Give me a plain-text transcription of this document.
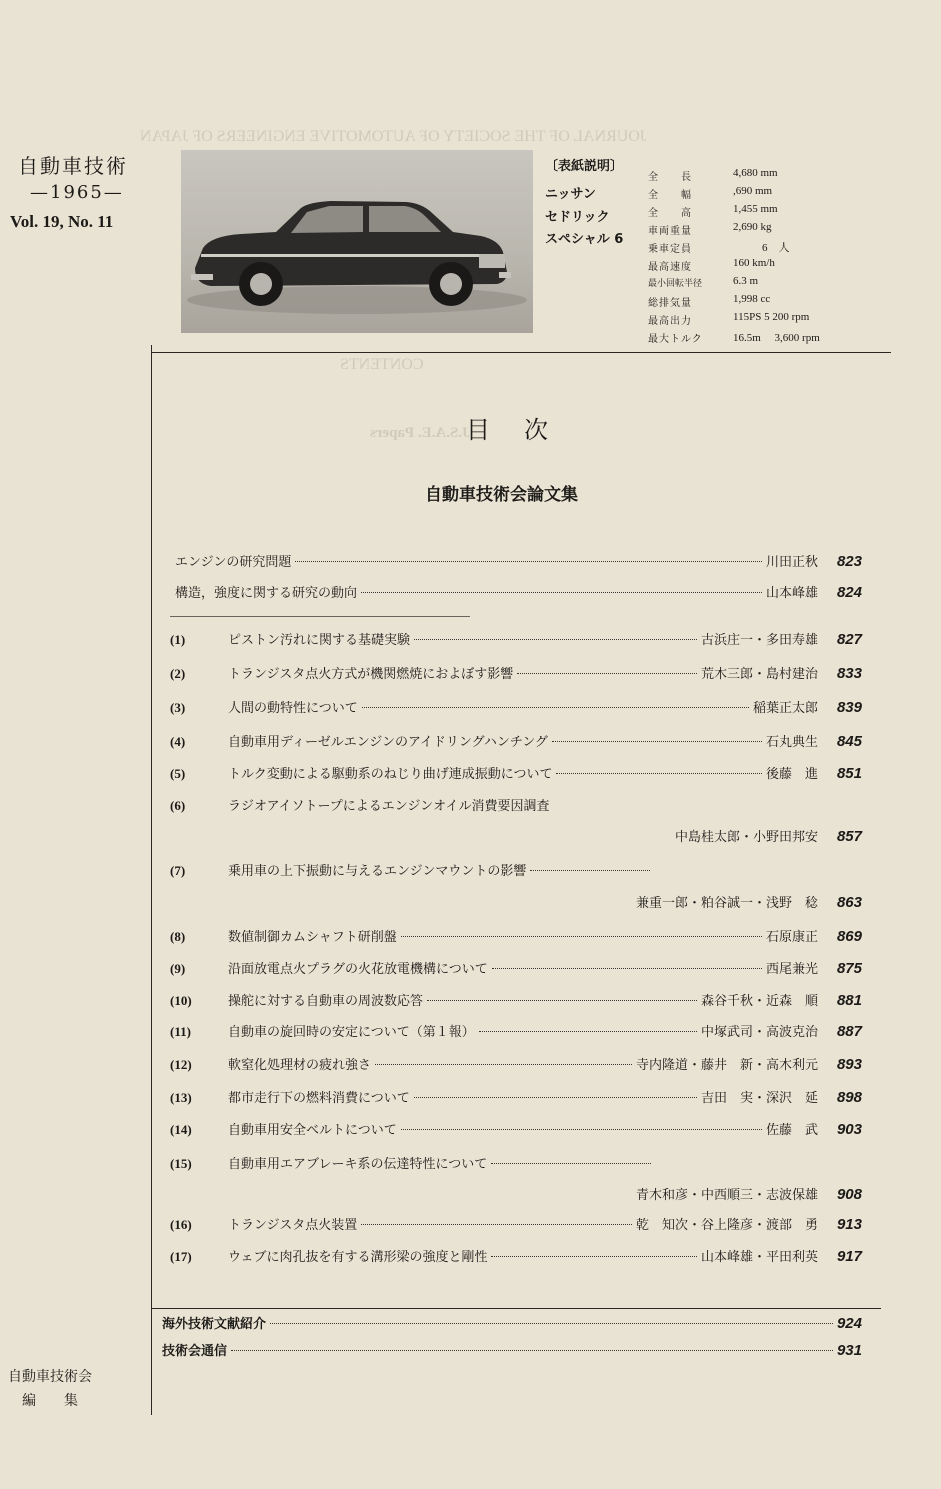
JOURNAL OF THE SOCIETY OF AUTOMOTIVE ENGINEERS OF JAPAN
CONTENTS
J.S.A.E. Papers
自動車技術
—1965—
Vol. 19, No. 11
〔表紙説明〕
ニッサン
セドリック
スペシャル 6
全　　長	4,680 mm
全　　幅	,690 mm
全　　高	1,455 mm
車両重量	2,690 kg
乗車定員	6　人
最高速度	160 km/h
最小回転半径	6.3 m
総排気量	1,998 cc
最高出力	115PS 5 200 rpm
最大トルク	16.5m　 3,600 rpm
目次
自動車技術会論文集
エンジンの研究問題	川田正秋	823
構造，強度に関する研究の動向	山本峰雄	824
(1)	ピストン汚れに関する基礎実験	古浜庄一・多田寿雄	827
(2)	トランジスタ点火方式が機関燃焼におよぼす影響	荒木三郎・島村建治	833
(3)	人間の動特性について	稲葉正太郎	839
(4)	自動車用ディーゼルエンジンのアイドリングハンチング	石丸典生	845
(5)	トルク変動による駆動系のねじり曲げ連成振動について	後藤　進	851
(6)	ラジオアイソトープによるエンジンオイル消費要因調査
中島桂太郎・小野田邦安	857
(7)	乗用車の上下振動に与えるエンジンマウントの影響
兼重一郎・粕谷誠一・浅野　稔	863
(8)	数値制御カムシャフト研削盤	石原康正	869
(9)	沿面放電点火プラグの火花放電機構について	西尾兼光	875
(10)	操舵に対する自動車の周波数応答	森谷千秋・近森　順	881
(11)	自動車の旋回時の安定について（第１報）	中塚武司・高波克治	887
(12)	軟窒化処理材の疲れ強さ	寺内隆道・藤井　新・高木利元	893
(13)	都市走行下の燃料消費について	吉田　実・深沢　延	898
(14)	自動車用安全ベルトについて	佐藤　武	903
(15)	自動車用エアブレーキ系の伝達特性について
青木和彦・中西順三・志波保雄	908
(16)	トランジスタ点火装置	乾　知次・谷上隆彦・渡部　勇	913
(17)	ウェブに肉孔抜を有する溝形梁の強度と剛性	山本峰雄・平田利英	917
海外技術文献紹介	924
技術会通信	931
自動車技術会
編　　集
